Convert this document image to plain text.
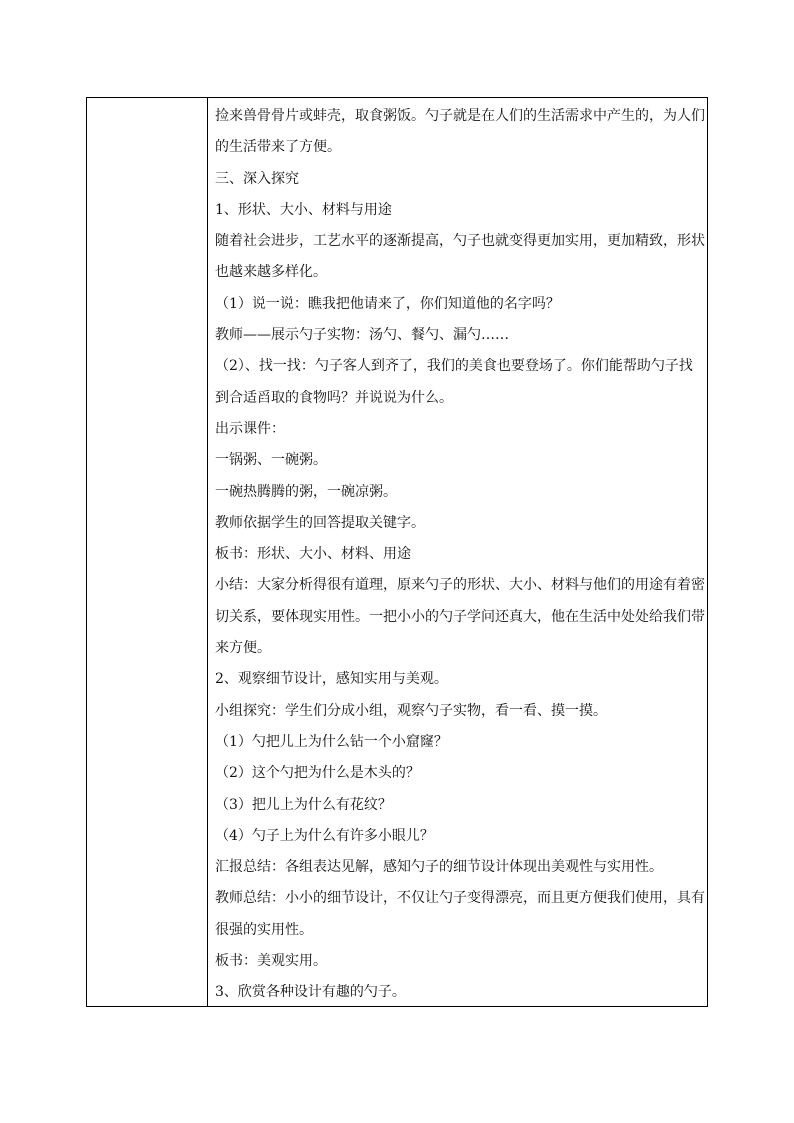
捡来兽骨骨片或蚌壳，取食粥饭。勺子就是在人们的生活需求中产生的，为人们的生活带来了方便。

三、深入探究

1、形状、大小、材料与用途

随着社会进步，工艺水平的逐渐提高，勺子也就变得更加实用，更加精致，形状也越来越多样化。

（1）说一说：瞧我把他请来了，你们知道他的名字吗？

教师——展示勺子实物：汤勺、餐勺、漏勺……

（2）、找一找：勺子客人到齐了，我们的美食也要登场了。你们能帮助勺子找到合适舀取的食物吗？并说说为什么。

出示课件：

一锅粥、一碗粥。

一碗热腾腾的粥，一碗凉粥。

教师依据学生的回答提取关键字。

板书：形状、大小、材料、用途

小结：大家分析得很有道理，原来勺子的形状、大小、材料与他们的用途有着密切关系，要体现实用性。一把小小的勺子学问还真大，他在生活中处处给我们带来方便。

2、观察细节设计，感知实用与美观。

小组探究：学生们分成小组，观察勺子实物，看一看、摸一摸。

（1）勺把儿上为什么钻一个小窟窿？

（2）这个勺把为什么是木头的？

（3）把儿上为什么有花纹？

（4）勺子上为什么有许多小眼儿？

汇报总结：各组表达见解，感知勺子的细节设计体现出美观性与实用性。

教师总结：小小的细节设计，不仅让勺子变得漂亮，而且更方便我们使用，具有很强的实用性。

板书：美观实用。

3、欣赏各种设计有趣的勺子。
